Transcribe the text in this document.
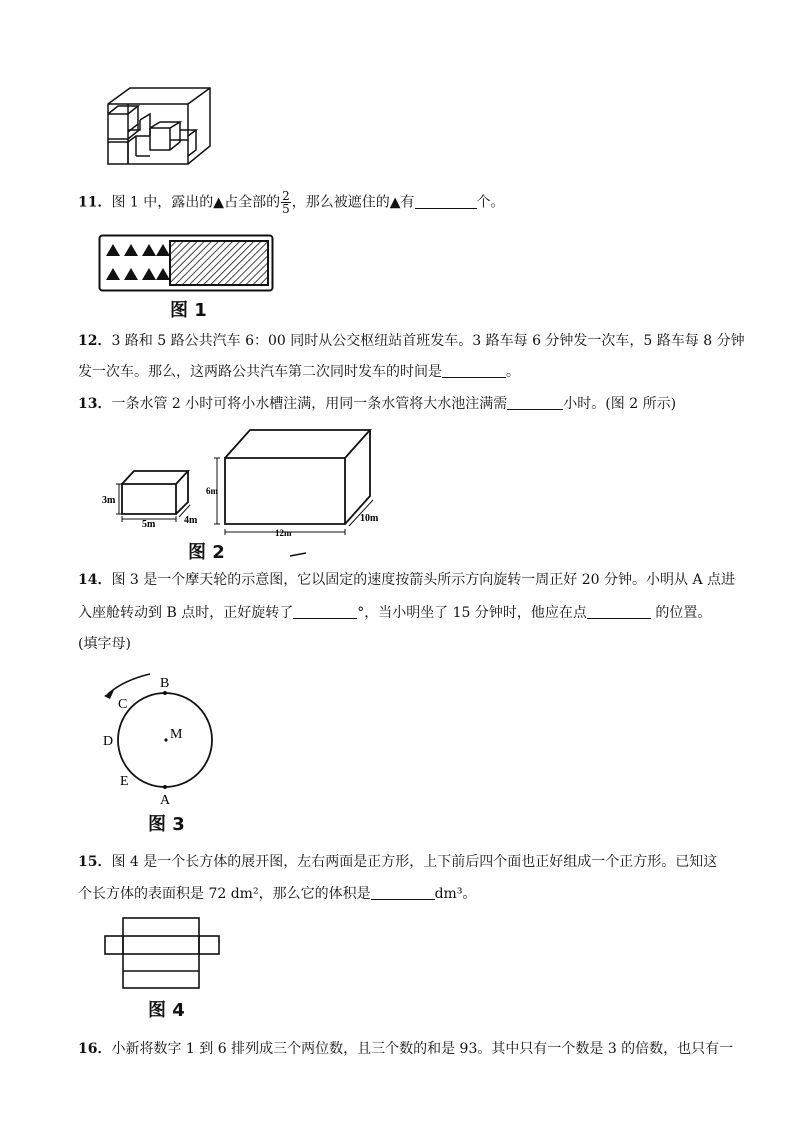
11．图 1 中，露出的▲占全部的 $\frac{2}{5}$ ，那么被遮住的▲有	个。
图 1
12．3 路和 5 路公共汽车 6：00 同时从公交枢纽站首班发车。3 路车每 6 分钟发一次车，5 路车每 8 分钟
发一次车。那么，这两路公共汽车第二次同时发车的时间是	。
13．一条水管 2 小时可将小水槽注满，用同一条水管将大水池注满需	小时。(图 2 所示)
3m
5m	4m
6m
12m
10m
图 2
14．图 3 是一个摩天轮的示意图，它以固定的速度按箭头所示方向旋转一周正好 20 分钟。小明从 A 点进
入座舱转动到 B 点时，正好旋转了	°，当小明坐了 15 分钟时，他应在点	的位置。
(填字母)
B
C
D
E
A
M
图 3
15．图 4 是一个长方体的展开图，左右两面是正方形，上下前后四个面也正好组成一个正方形。已知这
个长方体的表面积是 72 dm²，那么它的体积是	dm³。
图 4
16．小新将数字 1 到 6 排列成三个两位数，且三个数的和是 93。其中只有一个数是 3 的倍数，也只有一
